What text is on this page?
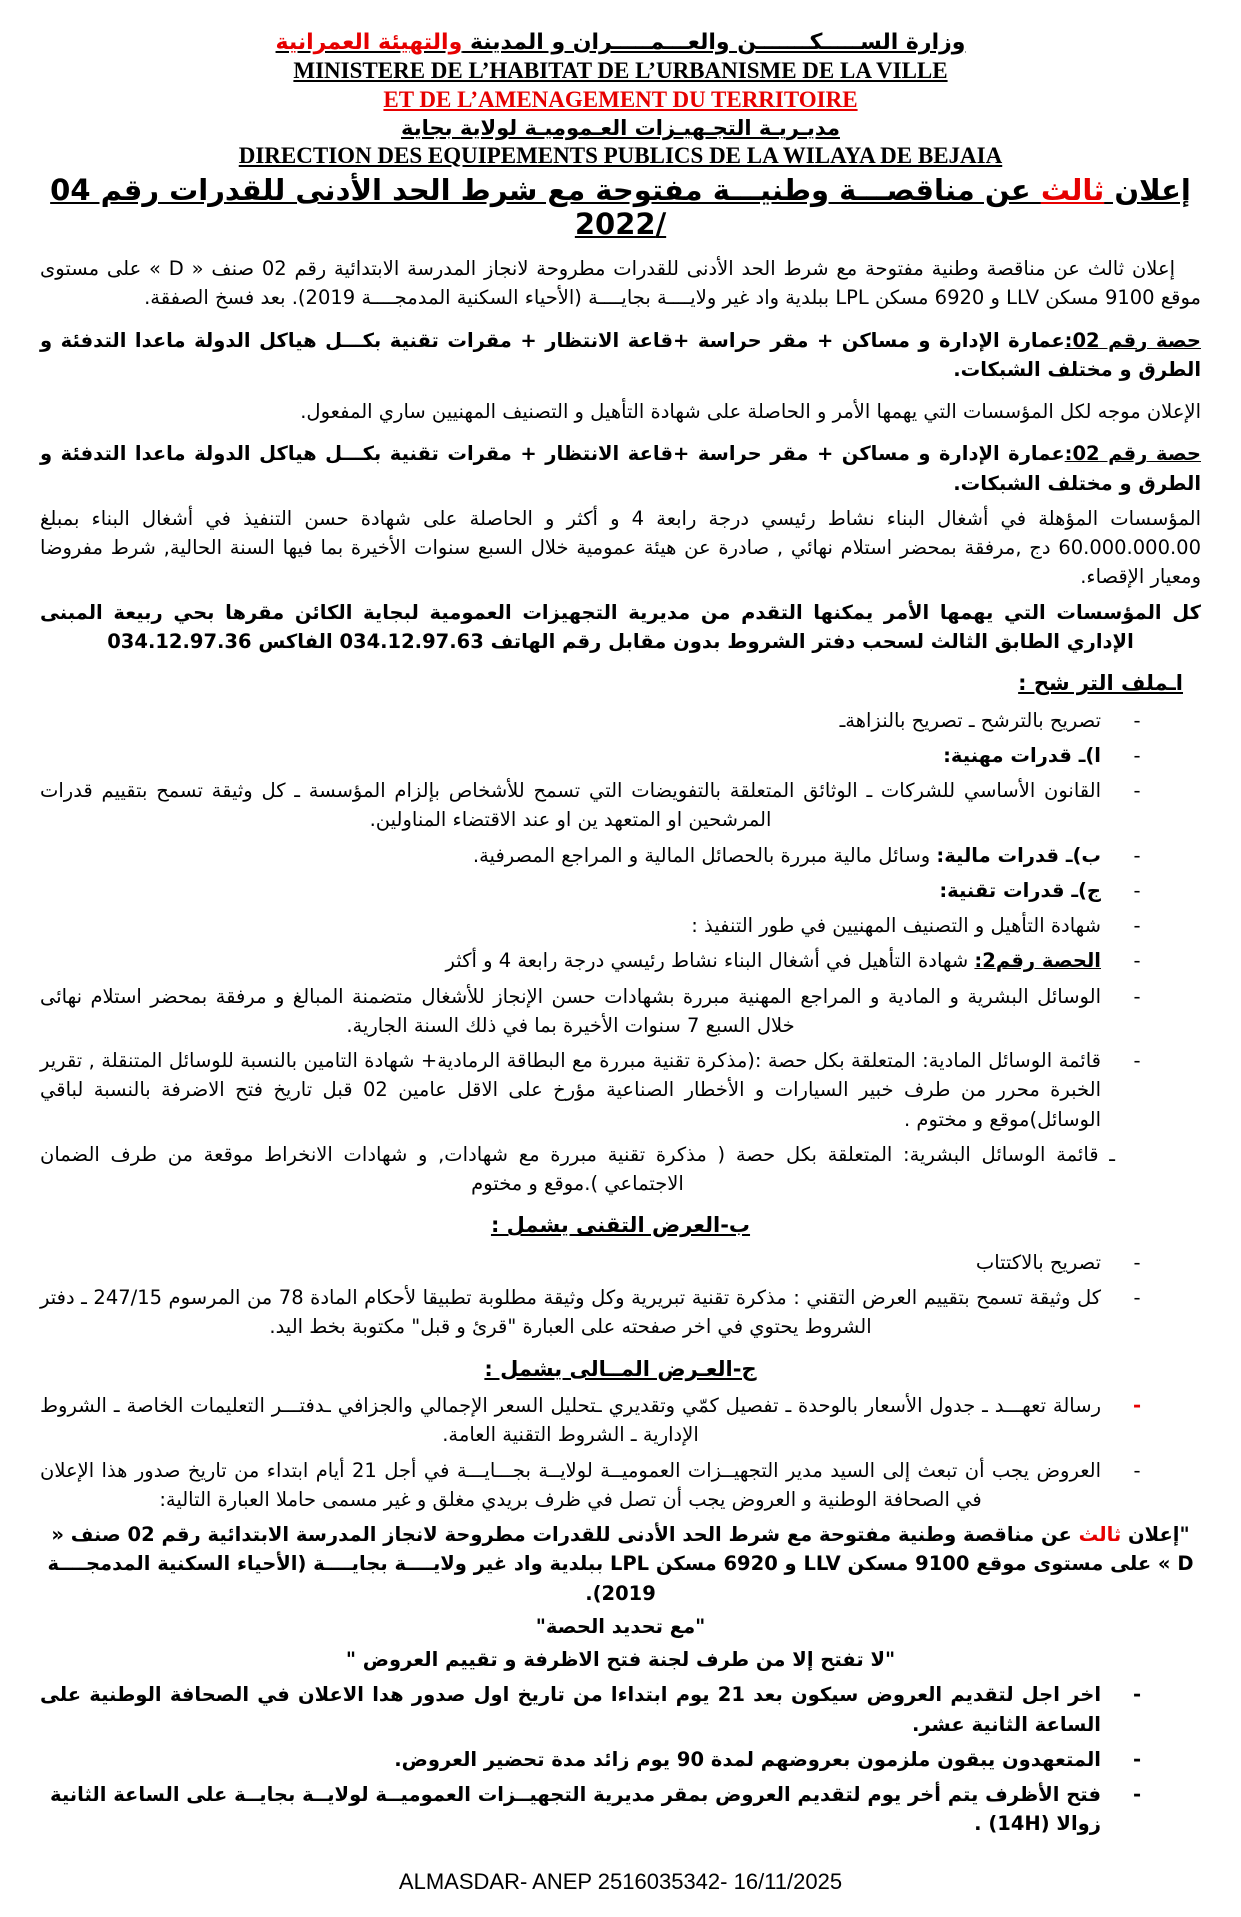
وزارة الســـــكـــــــن والعـــمـــــران و المدينة والتهيئة العمرانية
MINISTERE DE L’HABITAT DE L’URBANISME DE LA VILLE
ET DE L’AMENAGEMENT DU TERRITOIRE
مديـريـة التجـهيـزات العـموميـة لولاية بجاية
DIRECTION DES EQUIPEMENTS PUBLICS DE LA WILAYA DE BEJAIA
إعلان ثالث عن مناقصـــة وطنيـــة مفتوحة مع شرط الحد الأدنى للقدرات رقم 04 /2022

إعلان ثالث عن مناقصة وطنية مفتوحة مع شرط الحد الأدنى للقدرات مطروحة لانجاز المدرسة الابتدائية رقم 02 صنف « D » على مستوى موقع 9100 مسكن LLV و 6920 مسكن LPL ببلدية واد غير ولايــــة بجايــــة (الأحياء السكنية المدمجــــة 2019). بعد فسخ الصفقة.

حصة رقم 02:عمارة الإدارة و مساكن + مقر حراسة +قاعة الانتظار + مقرات تقنية بكـــل هياكل الدولة ماعدا التدفئة و الطرق و مختلف الشبكات.

الإعلان موجه لكل المؤسسات التي يهمها الأمر و الحاصلة على شهادة التأهيل و التصنيف المهنيين ساري المفعول.

حصة رقم 02:عمارة الإدارة و مساكن + مقر حراسة +قاعة الانتظار + مقرات تقنية بكـــل هياكل الدولة ماعدا التدفئة و الطرق و مختلف الشبكات.

المؤسسات المؤهلة في أشغال البناء نشاط رئيسي درجة رابعة 4 و أكثر و الحاصلة على شهادة حسن التنفيذ في أشغال البناء بمبلغ 60.000.000.00 دج ,مرفقة بمحضر استلام نهائي , صادرة عن هيئة عمومية خلال السبع سنوات الأخيرة بما فيها السنة الحالية, شرط مفروضا ومعيار الإقصاء.

كل المؤسسات التي يهمها الأمر يمكنها التقدم من مديرية التجهيزات العمومية لبجاية الكائن مقرها بحي ربيعة المبنى الإداري الطابق الثالث لسحب دفتر الشروط بدون مقابل رقم الهاتف 034.12.97.63 الفاكس 034.12.97.36

اـملف التر شح :
-
تصريح بالترشح ـ تصريح بالنزاهةـ
-
ا)ـ قدرات مهنية:
-
القانون الأساسي للشركات ـ الوثائق المتعلقة بالتفويضات التي تسمح للأشخاص بإلزام المؤسسة ـ كل وثيقة تسمح بتقييم قدرات المرشحين او المتعهد ين او عند الاقتضاء المناولين.
-
ب)ـ قدرات مالية: وسائل مالية مبررة بالحصائل المالية و المراجع المصرفية.
-
ج)ـ قدرات تقنية:
-
شهادة التأهيل و التصنيف المهنيين في طور التنفيذ :
-
الحصة رقم2: شهادة التأهيل في أشغال البناء نشاط رئيسي درجة رابعة 4 و أكثر
-
الوسائل البشرية و المادية و المراجع المهنية مبررة بشهادات حسن الإنجاز للأشغال متضمنة المبالغ و مرفقة بمحضر استلام نهائى خلال السبع 7 سنوات الأخيرة بما في ذلك السنة الجارية.
-
قائمة الوسائل المادية: المتعلقة بكل حصة :(مذكرة تقنية مبررة مع البطاقة الرمادية+ شهادة التامين بالنسبة للوسائل المتنقلة , تقرير الخبرة محرر من طرف خبير السيارات و الأخطار الصناعية مؤرخ على الاقل عامين 02 قبل تاريخ فتح الاضرفة بالنسبة لباقي الوسائل)موقع و مختوم .
ـ قائمة الوسائل البشرية: المتعلقة بكل حصة ( مذكرة تقنية مبررة مع شهادات, و شهادات الانخراط موقعة من طرف الضمان الاجتماعي ).موقع و مختوم
ب-العرض التقنى يشمل :
-
تصريح بالاكتتاب
-
كل وثيقة تسمح بتقييم العرض التقني : مذكرة تقنية تبريرية وكل وثيقة مطلوبة تطبيقا لأحكام المادة 78 من المرسوم 247/15 ـ دفتر الشروط يحتوي في اخر صفحته على العبارة "قرئ و قبل" مكتوبة بخط اليد.
ج-العـرض المــالى يشمل :
-
رسالة تعهـــد ـ جدول الأسعار بالوحدة ـ تفصيل كمّي وتقديري ـتحليل السعر الإجمالي والجزافي ـدفتـــر التعليمات الخاصة ـ الشروط الإدارية ـ الشروط التقنية العامة.
-
العروض يجب أن تبعث إلى السيد مدير التجهيــزات العموميــة لولايــة بجـــايـــة في أجل 21 أيام ابتداء من تاريخ صدور هذا الإعلان في الصحافة الوطنية و العروض يجب أن تصل في ظرف بريدي مغلق و غير مسمى حاملا العبارة التالية:
"إعلان ثالث عن مناقصة وطنية مفتوحة مع شرط الحد الأدنى للقدرات مطروحة لانجاز المدرسة الابتدائية رقم 02 صنف « D » على مستوى موقع 9100 مسكن LLV و 6920 مسكن LPL ببلدية واد غير ولايــــة بجايــــة (الأحياء السكنية المدمجــــة 2019).
"مع تحديد الحصة"
"لا تفتح إلا من طرف لجنة فتح الاظرفة و تقييم العروض "
-
اخر اجل لتقديم العروض سيكون بعد 21 يوم ابتداءا من تاريخ اول صدور هدا الاعلان في الصحافة الوطنية على الساعة الثانية عشر.
-
المتعهدون يبقون ملزمون بعروضهم لمدة 90 يوم زائد مدة تحضير العروض.
-
فتح الأظرف يتم أخر يوم لتقديم العروض بمقر مديرية التجهيــزات العموميــة لولايــة بجايــة على الساعة الثانية زوالا (14H) .
ALMASDAR- ANEP 2516035342- 16/11/2025
